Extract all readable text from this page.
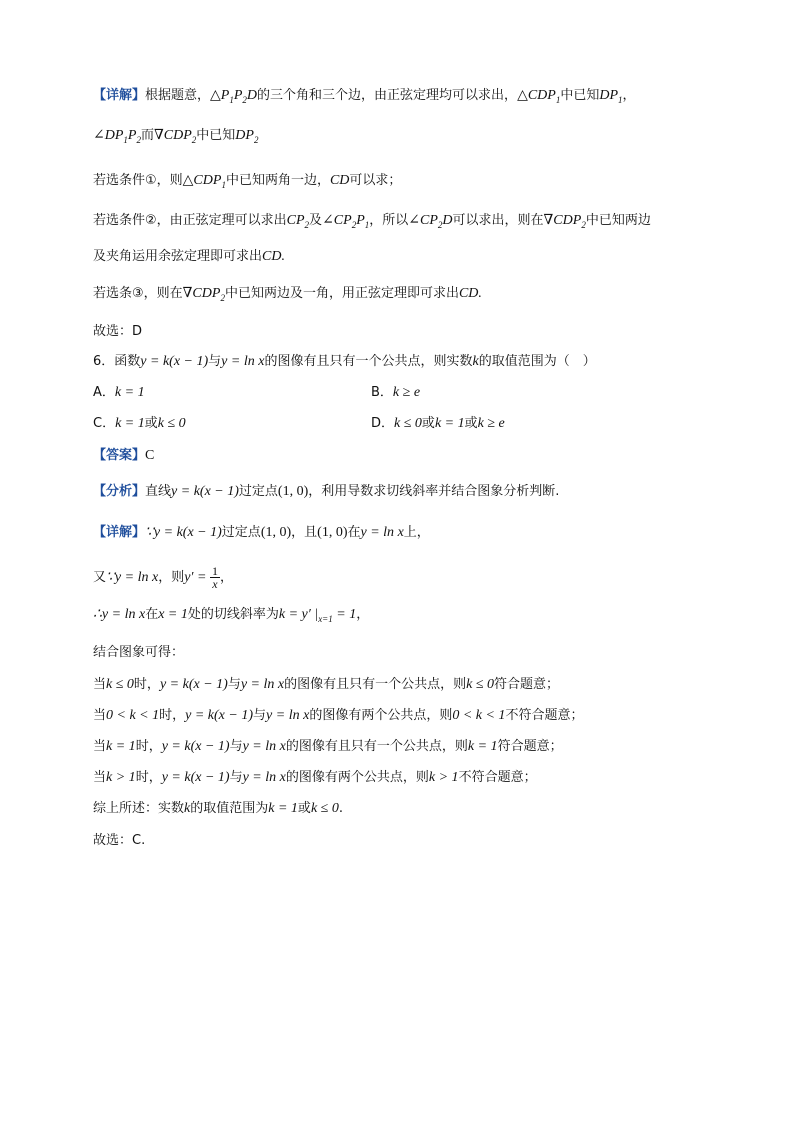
【详解】根据题意，$\triangle P_1P_2D$的三个角和三个边，由正弦定理均可以求出，$\triangle CDP_1$中已知$DP_1$，
$\angle DP_1P_2$而$\nabla CDP_2$中已知$DP_2$
若选条件①，则$\triangle CDP_1$中已知两角一边，CD可以求；
若选条件②，由正弦定理可以求出$CP_2$及$\angle CP_2P_1$，所以$\angle CP_2D$可以求出，则在$\nabla CDP_2$中已知两边
及夹角运用余弦定理即可求出CD.
若选条③，则在$\nabla CDP_2$中已知两边及一角，用正弦定理即可求出CD.
故选：D
6．函数y = k(x − 1)与y = ln x的图像有且只有一个公共点，则实数k的取值范围为（　）
A．k = 1	B．k ≥ e
C．k = 1或k ≤ 0	D．k ≤ 0或k = 1或k ≥ e
【答案】C
【分析】直线y = k(x − 1)过定点(1, 0)，利用导数求切线斜率并结合图象分析判断.
【详解】∵y = k(x − 1)过定点(1, 0)，且(1, 0)在y = ln x上，
又∵y = ln x，则$y' = \frac{1}{x}$ ，
∴y = ln x在x = 1处的切线斜率为k = y′ $|_{x=1} = 1$，
结合图象可得：
当k ≤ 0时，y = k(x − 1)与y = ln x的图像有且只有一个公共点，则k ≤ 0符合题意；
当0 < k < 1时，y = k(x − 1)与y = ln x的图像有两个公共点，则0 < k < 1不符合题意；
当k = 1时，y = k(x − 1)与y = ln x的图像有且只有一个公共点，则k = 1符合题意；
当k > 1时，y = k(x − 1)与y = ln x的图像有两个公共点，则k > 1不符合题意；
综上所述：实数k的取值范围为k = 1或k ≤ 0.
故选：C.
